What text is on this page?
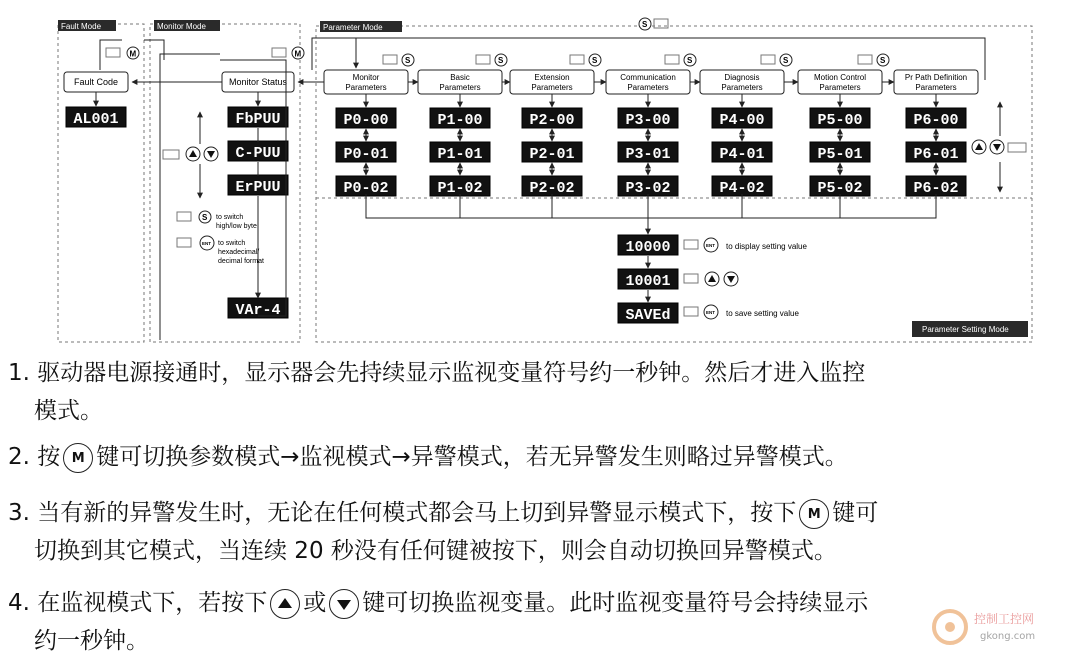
Fault Mode	Monitor Mode	Parameter Mode
Parameter Setting Mode
M	M
S
Fault Code	Monitor Status	Monitor
Parameters
S
Basic
Parameters
S
Extension
Parameters
S
Communication
Parameters
S
Diagnosis
Parameters
S
Motion Control
Parameters
S
Pr Path Definition
Parameters
P0-00
P0-01
P0-02
P1-00
P1-01
P1-02
P2-00
P2-01
P2-02
P3-00
P3-01
P3-02
P4-00
P4-01
P4-02
P5-00
P5-01
P5-02
P6-00
P6-01
P6-02
AL001	FbPUU
C-PUU
ErPUU
VAr-4
10000
10001
SAVEd
S to switch
high/low byte
ENT to switch
hexadecimal/
decimal format
ENT to display setting value
ENT to save setting value
1. 驱动器电源接通时，显示器会先持续显示监视变量符号约一秒钟。然后才进入监控
模式。
2. 按 M 键可切换参数模式→监视模式→异警模式，若无异警发生则略过异警模式。
3. 当有新的异警发生时，无论在任何模式都会马上切到异警显示模式下，按下 M 键可
切换到其它模式，当连续 20 秒没有任何键被按下，则会自动切换回异警模式。
4. 在监视模式下，若按下 或 键可切换监视变量。此时监视变量符号会持续显示
约一秒钟。
控制工控网
gkong.com
